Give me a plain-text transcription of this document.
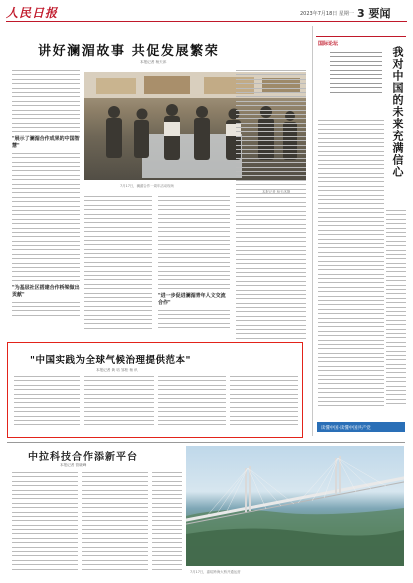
人民日报	2023年7月18日 星期一 3 要闻
讲好澜湄故事 共促发展繁荣
本报记者 杨天沐
"展示了澜湄合作成果的中国智慧"
"为基层社区搭建合作桥梁做出贡献"
7月17日，澜湄合作一周年活动现场
"进一步促进澜湄青年人文交流合作"
国际论坛
我对中国的未来充满信心
读懂中国·读懂中国共产党
"中国实践为全球气候治理提供范本"
本报记者 黄 培 邹松 杨 讯
中拉科技合作添新平台
本报记者 管晓峰
7月17日，嘉绍跨海大桥开通运营
